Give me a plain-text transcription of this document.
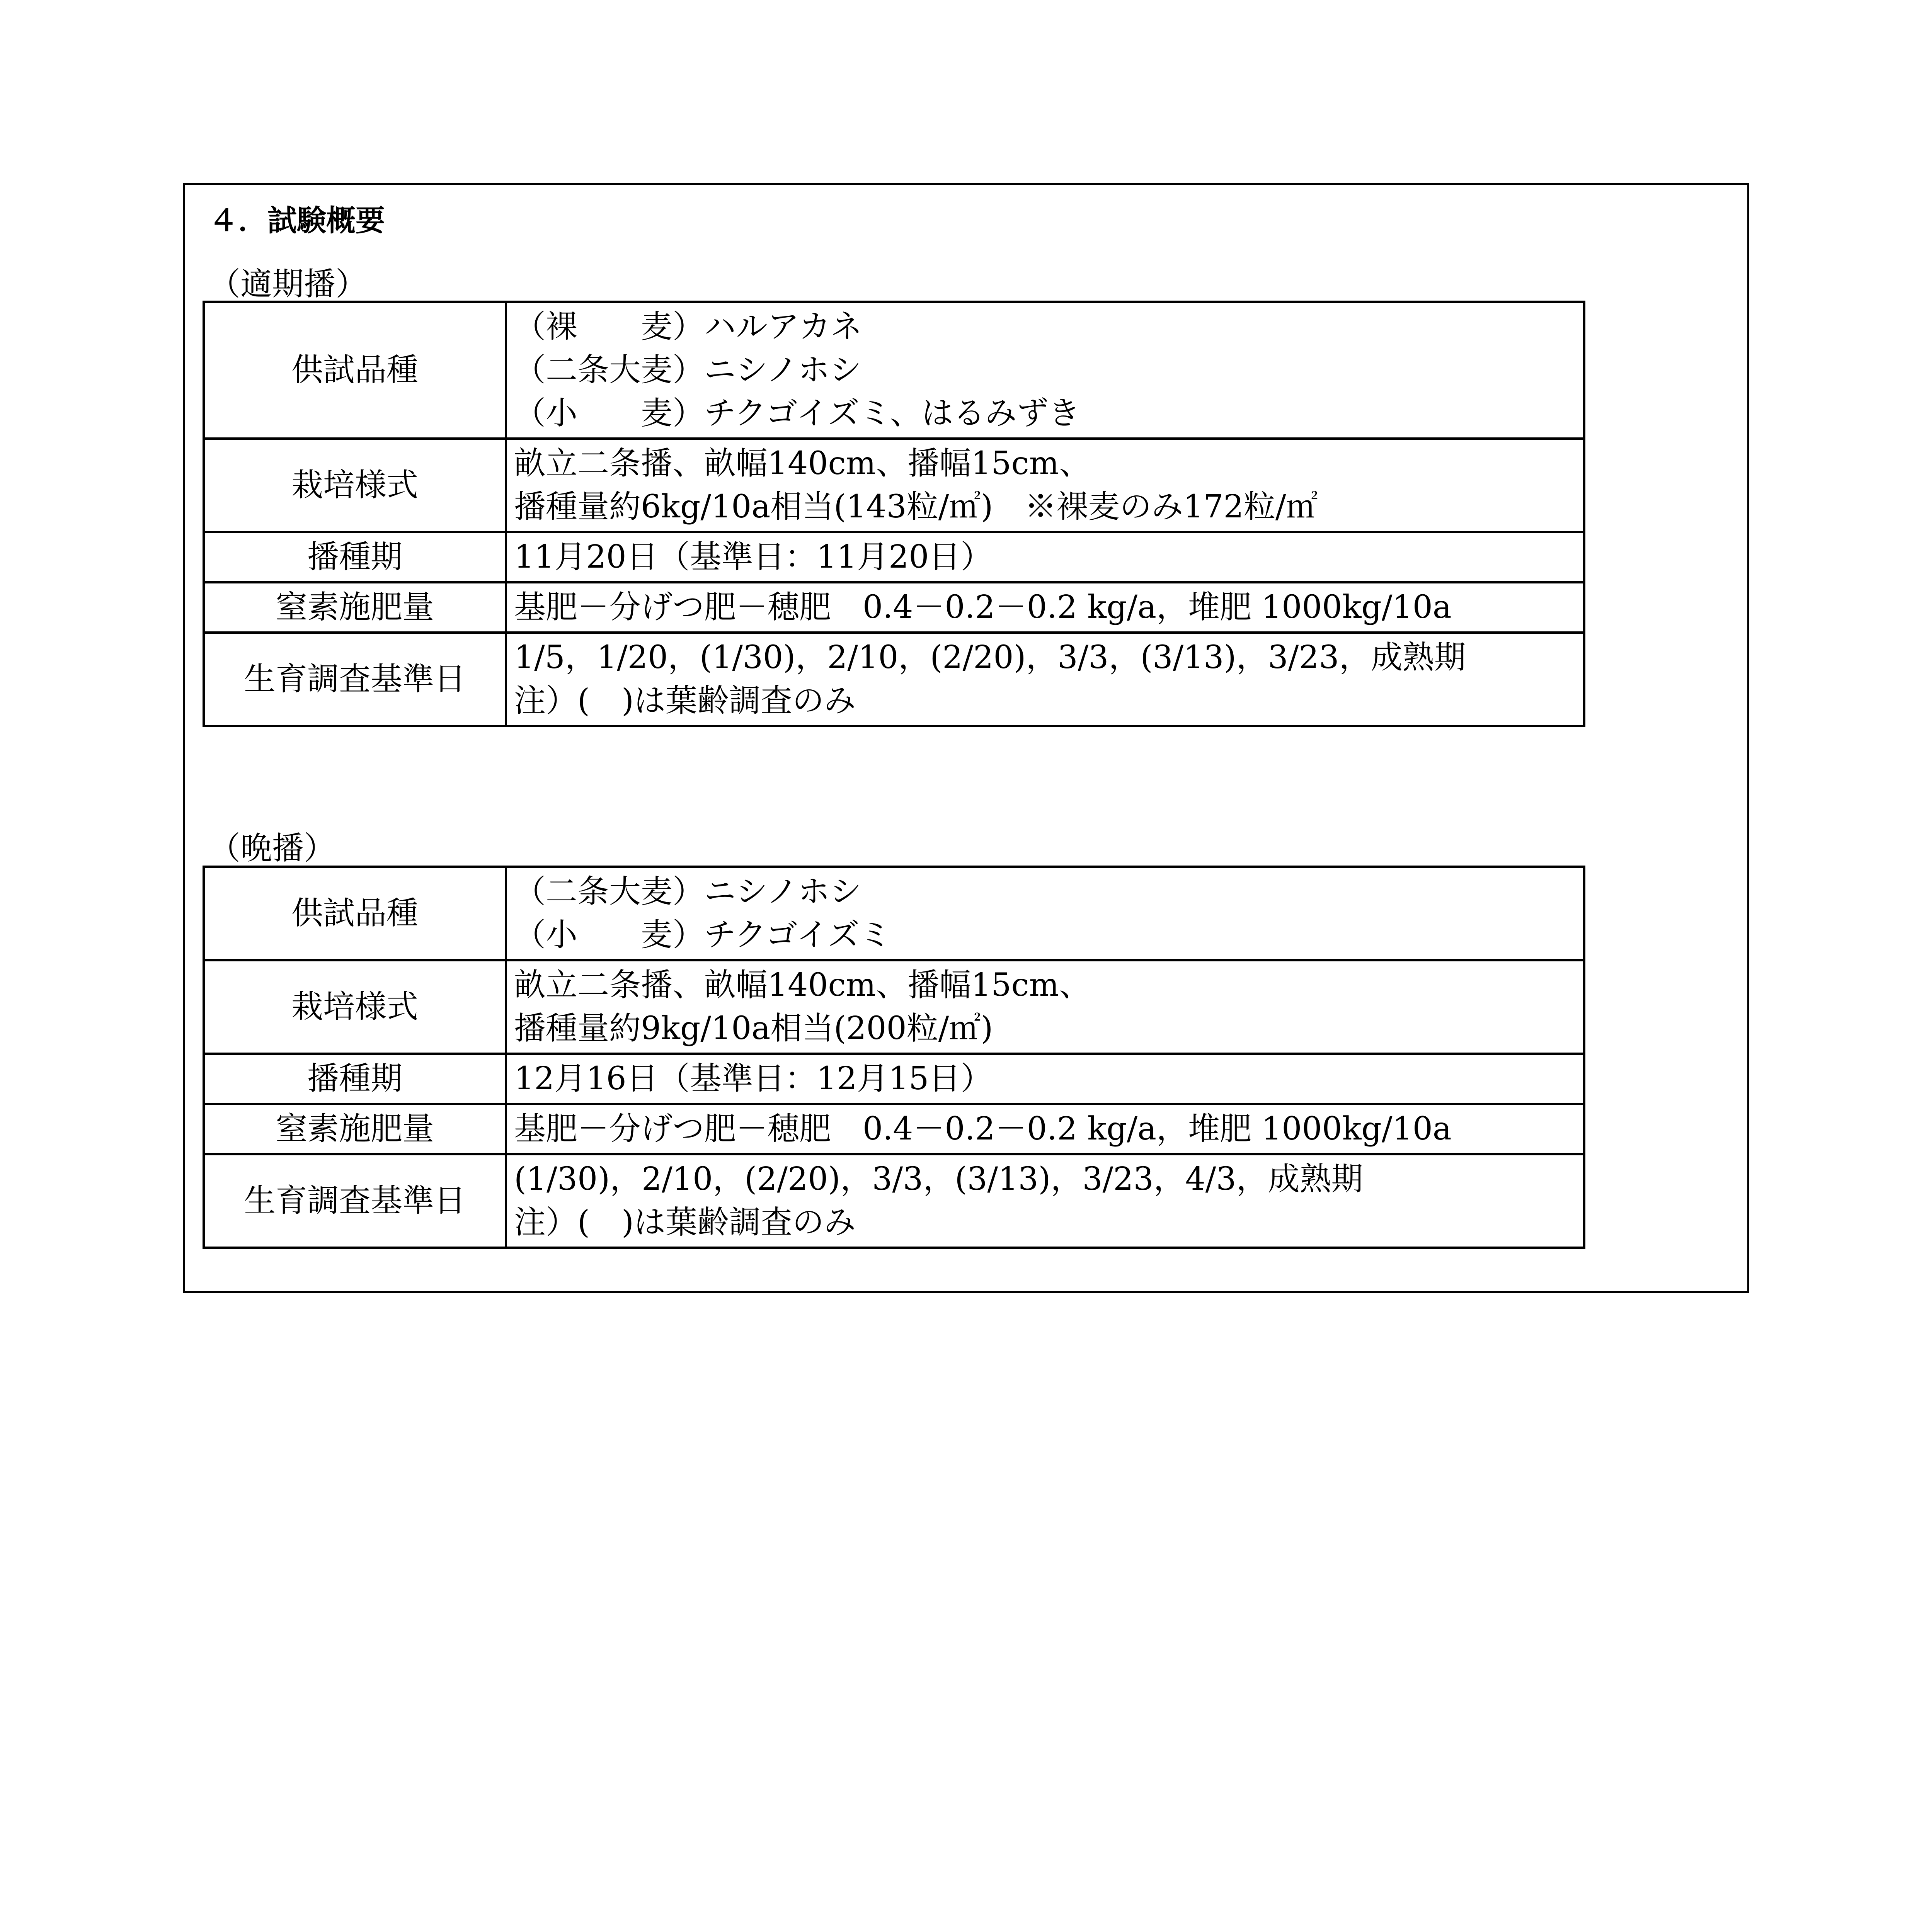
４．試験概要
（適期播）
供試品種	（裸　　麦）ハルアカネ
（二条大麦）ニシノホシ
（小　　麦）チクゴイズミ、はるみずき

栽培様式	畝立二条播、畝幅140cm、播幅15cm、
播種量約6kg/10a相当(143粒/㎡)　※裸麦のみ172粒/㎡

播種期	11月20日（基準日：11月20日）

窒素施肥量	基肥－分げつ肥－穂肥　0.4－0.2－0.2 kg/a，堆肥 1000kg/10a

生育調査基準日	1/5，1/20，(1/30)，2/10，(2/20)，3/3，(3/13)，3/23，成熟期
注）(　)は葉齢調査のみ
（晩播）
供試品種	（二条大麦）ニシノホシ
（小　　麦）チクゴイズミ

栽培様式	畝立二条播、畝幅140cm、播幅15cm、
播種量約9kg/10a相当(200粒/㎡)

播種期	12月16日（基準日：12月15日）

窒素施肥量	基肥－分げつ肥－穂肥　0.4－0.2－0.2 kg/a，堆肥 1000kg/10a

生育調査基準日	(1/30)，2/10，(2/20)，3/3，(3/13)，3/23，4/3，成熟期
注）(　)は葉齢調査のみ
